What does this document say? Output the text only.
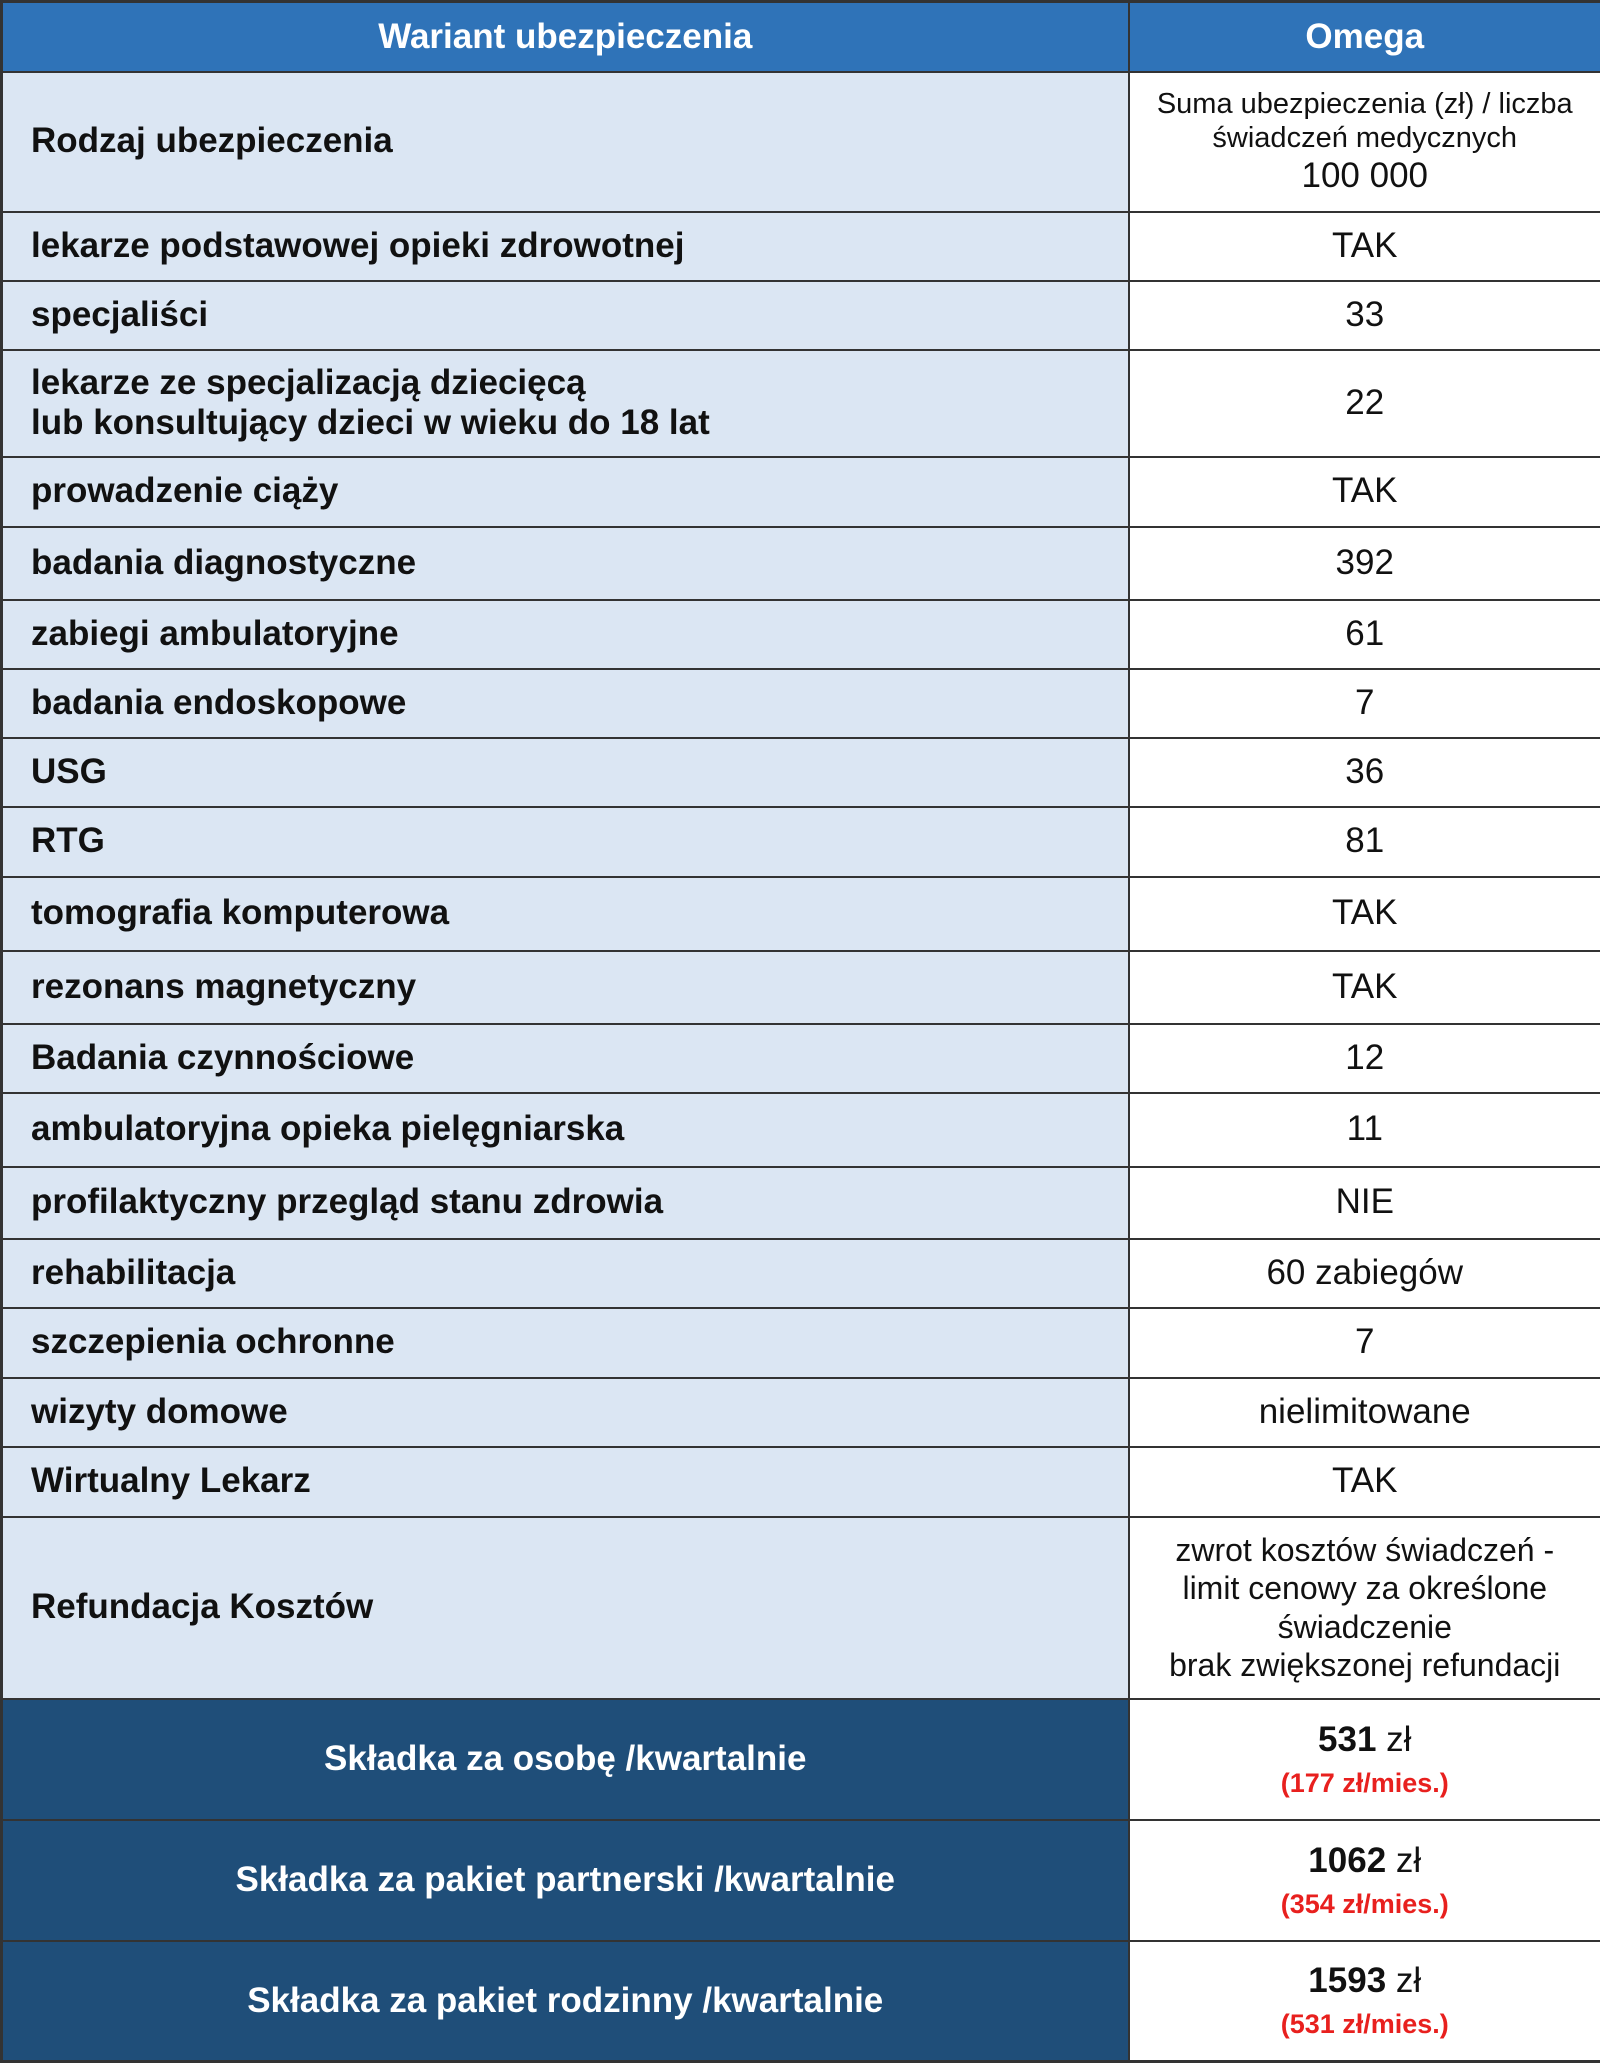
Wariant ubezpieczenia	Omega
Rodzaj ubezpieczenia	Suma ubezpieczenia (zł) / liczba świadczeń medycznych
100 000

lekarze podstawowej opieki zdrowotnej	TAK
specjaliści	33

lekarze ze specjalizacją dziecięcą
lub konsultujący dzieci w wieku do 18 lat	22
prowadzenie ciąży	TAK
badania diagnostyczne	392
zabiegi ambulatoryjne	61
badania endoskopowe	7
USG	36
RTG	81
tomografia komputerowa	TAK
rezonans magnetyczny	TAK
Badania czynnościowe	12
ambulatoryjna opieka pielęgniarska	11
profilaktyczny przegląd stanu zdrowia	NIE
rehabilitacja	60 zabiegów
szczepienia ochronne	7
wizyty domowe	nielimitowane
Wirtualny Lekarz	TAK
Refundacja Kosztów	zwrot kosztów świadczeń -
limit cenowy za określone
świadczenie
brak zwiększonej refundacji

Składka za osobę /kwartalnie	531 zł
(177 zł/mies.)

Składka za pakiet partnerski /kwartalnie	1062 zł
(354 zł/mies.)

Składka za pakiet rodzinny /kwartalnie	1593 zł
(531 zł/mies.)
